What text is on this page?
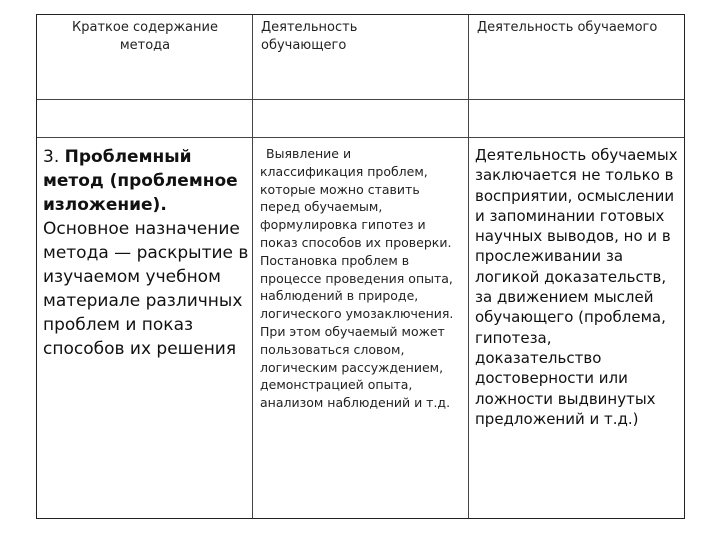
Краткое содержание метода
Деятельность обучающего
Деятельность обучаемого
3. Проблемный метод (проблемное изложение). Основное назначение метода — раскрытие в изучаемом учебном материале различных проблем и показ способов их решения
Выявление и классификация проблем, которые можно ставить перед обучаемым, формулировка гипотез и показ способов их проверки. Постановка проблем в процессе проведения опыта, наблюдений в природе, логического умозаключения. При этом обучаемый может пользоваться словом, логическим рассуждением, демонстрацией опыта, анализом наблюдений и т.д.
Деятельность обучаемых заключается не только в восприятии, осмыслении и запоминании готовых научных выводов, но и в прослеживании за логикой доказательств, за движением мыслей обучающего (проблема, гипотеза, доказательство достоверности или ложности выдвинутых предложений и т.д.)
